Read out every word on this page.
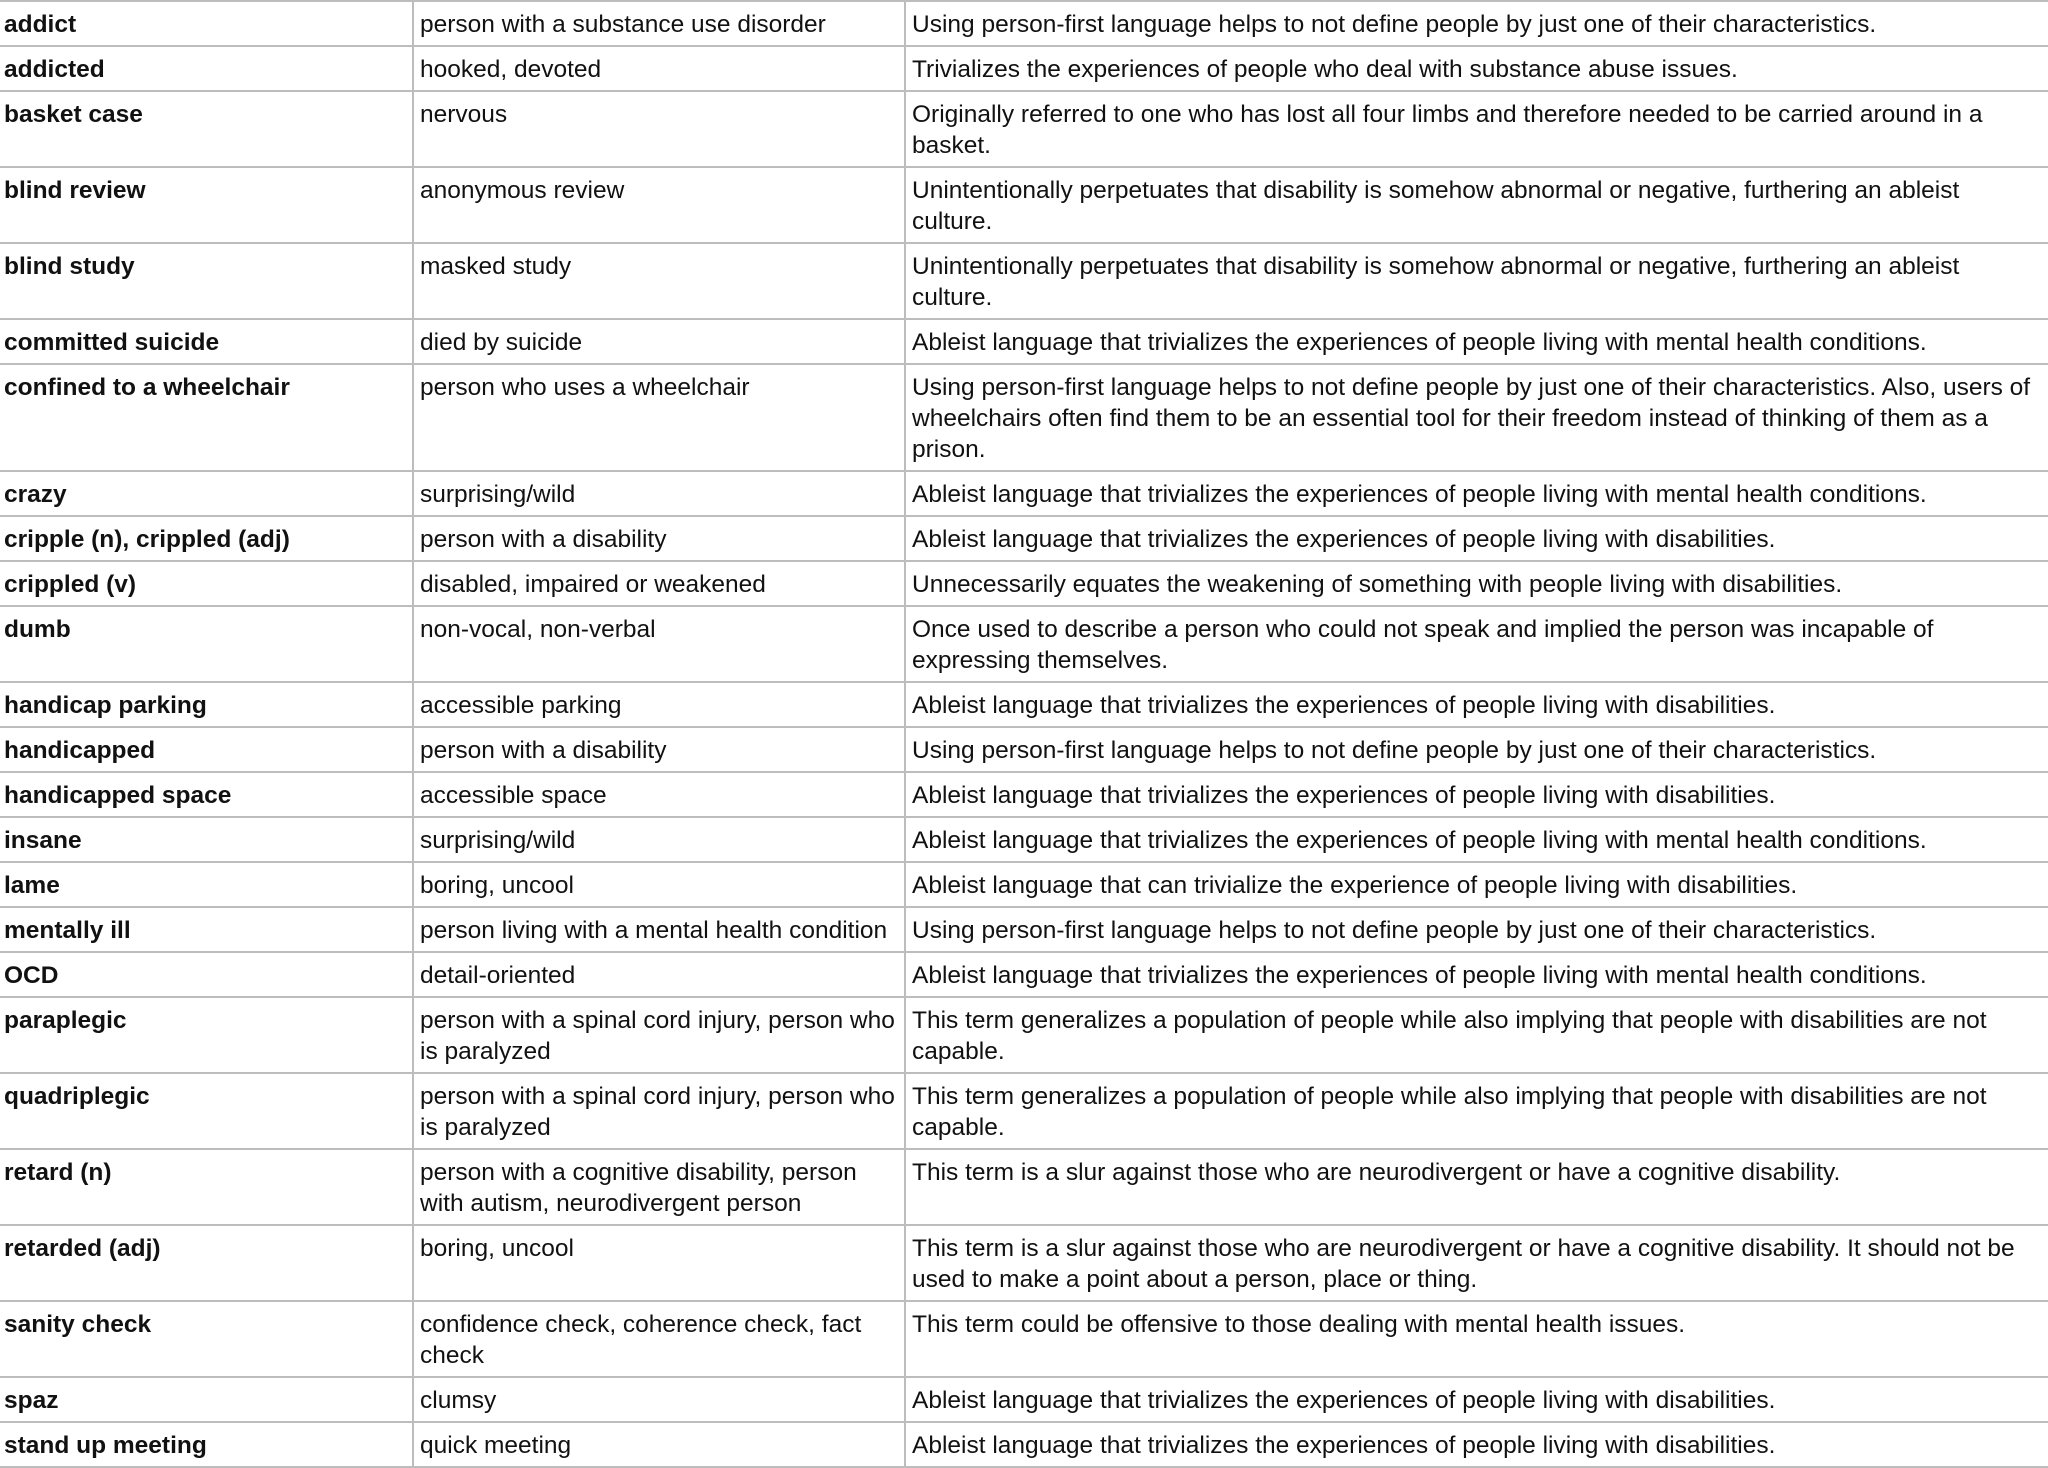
addict	person with a substance use disorder	Using person-first language helps to not define people by just one of their characteristics.
addicted	hooked, devoted	Trivializes the experiences of people who deal with substance abuse issues.
basket case	nervous	Originally referred to one who has lost all four limbs and therefore needed to be carried around in a basket.
blind review	anonymous review	Unintentionally perpetuates that disability is somehow abnormal or negative, furthering an ableist culture.
blind study	masked study	Unintentionally perpetuates that disability is somehow abnormal or negative, furthering an ableist culture.
committed suicide	died by suicide	Ableist language that trivializes the experiences of people living with mental health conditions.
confined to a wheelchair	person who uses a wheelchair	Using person-first language helps to not define people by just one of their characteristics. Also, users of wheelchairs often find them to be an essential tool for their freedom instead of thinking of them as a prison.
crazy	surprising/wild	Ableist language that trivializes the experiences of people living with mental health conditions.
cripple (n), crippled (adj)	person with a disability	Ableist language that trivializes the experiences of people living with disabilities.
crippled (v)	disabled, impaired or weakened	Unnecessarily equates the weakening of something with people living with disabilities.
dumb	non-vocal, non-verbal	Once used to describe a person who could not speak and implied the person was incapable of expressing themselves.
handicap parking	accessible parking	Ableist language that trivializes the experiences of people living with disabilities.
handicapped	person with a disability	Using person-first language helps to not define people by just one of their characteristics.
handicapped space	accessible space	Ableist language that trivializes the experiences of people living with disabilities.
insane	surprising/wild	Ableist language that trivializes the experiences of people living with mental health conditions.
lame	boring, uncool	Ableist language that can trivialize the experience of people living with disabilities.
mentally ill	person living with a mental health condition	Using person-first language helps to not define people by just one of their characteristics.
OCD	detail-oriented	Ableist language that trivializes the experiences of people living with mental health conditions.
paraplegic	person with a spinal cord injury, person who is paralyzed	This term generalizes a population of people while also implying that people with disabilities are not capable.
quadriplegic	person with a spinal cord injury, person who is paralyzed	This term generalizes a population of people while also implying that people with disabilities are not capable.
retard (n)	person with a cognitive disability, person with autism, neurodivergent person	This term is a slur against those who are neurodivergent or have a cognitive disability.
retarded (adj)	boring, uncool	This term is a slur against those who are neurodivergent or have a cognitive disability. It should not be used to make a point about a person, place or thing.
sanity check	confidence check, coherence check, fact check	This term could be offensive to those dealing with mental health issues.
spaz	clumsy	Ableist language that trivializes the experiences of people living with disabilities.
stand up meeting	quick meeting	Ableist language that trivializes the experiences of people living with disabilities.
